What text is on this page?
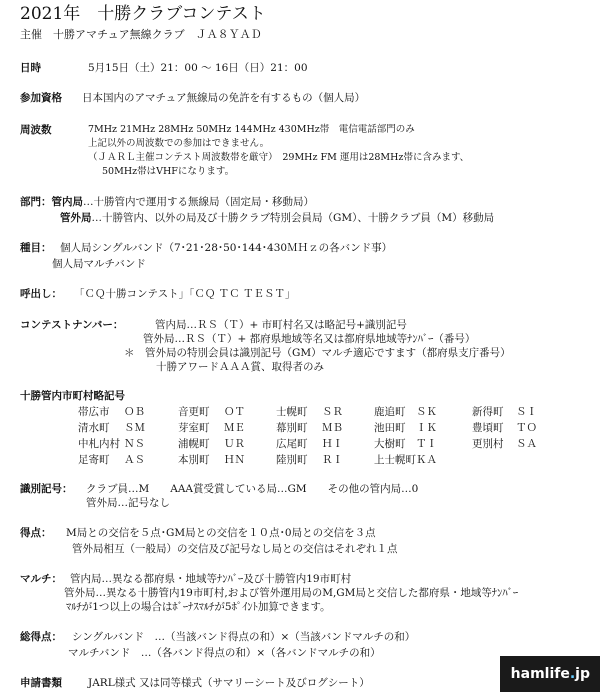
2021年　十勝クラブコンテスト
主催　十勝アマチュア無線クラブ　ＪＡ８ＹＡＤ
日時	5月15日（土）21：00 ～ 16日（日）21：00
参加資格 日本国内のアマチュア無線局の免許を有するもの（個人局）
周波数	7MHz 21MHz 28MHz 50MHz 144MHz 430MHz帯　電信電話部門のみ
上記以外の周波数での参加はできません。
（ＪＡＲＬ主催コンテスト周波数帯を厳守）　29MHz FM 運用は28MHz帯に含みます、
50MHz帯はVHFになります。
部門：管内局…十勝管内で運用する無線局（固定局・移動局）
管外局…十勝管内、以外の局及び十勝クラブ特別会員局（GM）、十勝クラブ員（M）移動局
種目： 個人局シングルバンド（7･21･28･50･144･430ＭＨｚの各バンド事）
個人局マルチバンド
呼出し： 「ＣＱ十勝コンテスト」「ＣＱ ＴＣ ＴＥＳＴ」
コンテストナンバー：	管内局…ＲＳ（Ｔ）+ 市町村名又は略記号+識別記号
管外局…ＲＳ（Ｔ）+ 都府県地域等名又は都府県地域等ﾅﾝﾊﾞｰ（番号）
＊　管外局の特別会員は識別記号（GM）マルチ適応ですます（都府県支庁番号）
十勝アワードＡＡＡ賞、取得者のみ
十勝管内市町村略記号
帯広市	ＯＢ	音更町	ＯＴ	士幌町	ＳＲ	鹿追町	ＳＫ	新得町	ＳＩ
清水町	ＳＭ	芽室町	ＭＥ	幕別町	ＭＢ	池田町	ＩＫ	豊頃町	ＴＯ
中札内村	ＮＳ	浦幌町	ＵＲ	広尾町	ＨＩ	大樹町	ＴＩ	更別村	ＳＡ
足寄町	ＡＳ	本別町	ＨＮ	陸別町	ＲＩ	上士幌町	ＫＡ		
識別記号： クラブ員…M　　AAA賞受賞している局…GM　　その他の管内局…0
管外局…記号なし
得点： M局との交信を５点･GM局との交信を１０点･0局との交信を３点
管外局相互（一般局）の交信及び記号なし局との交信はそれぞれ１点
マルチ： 管内局…異なる都府県・地域等ﾅﾝﾊﾞｰ及び十勝管内19市町村
管外局…異なる十勝管内19市町村,および管外運用局のM,GM局と交信した都府県・地域等ﾅﾝﾊﾞｰ
ﾏﾙﾁが1つ以上の場合はﾎﾞｰﾅｽﾏﾙﾁが5ﾎﾟｲﾝﾄ加算できます。
総得点： シングルバンド　…（当該バンド得点の和）×（当該バンドマルチの和）
マルチバンド　…（各バンド得点の和）×（各バンドマルチの和）
申請書類 JARL様式 又は同等様式（サマリーシート及びログシート）
hamlife . jp
